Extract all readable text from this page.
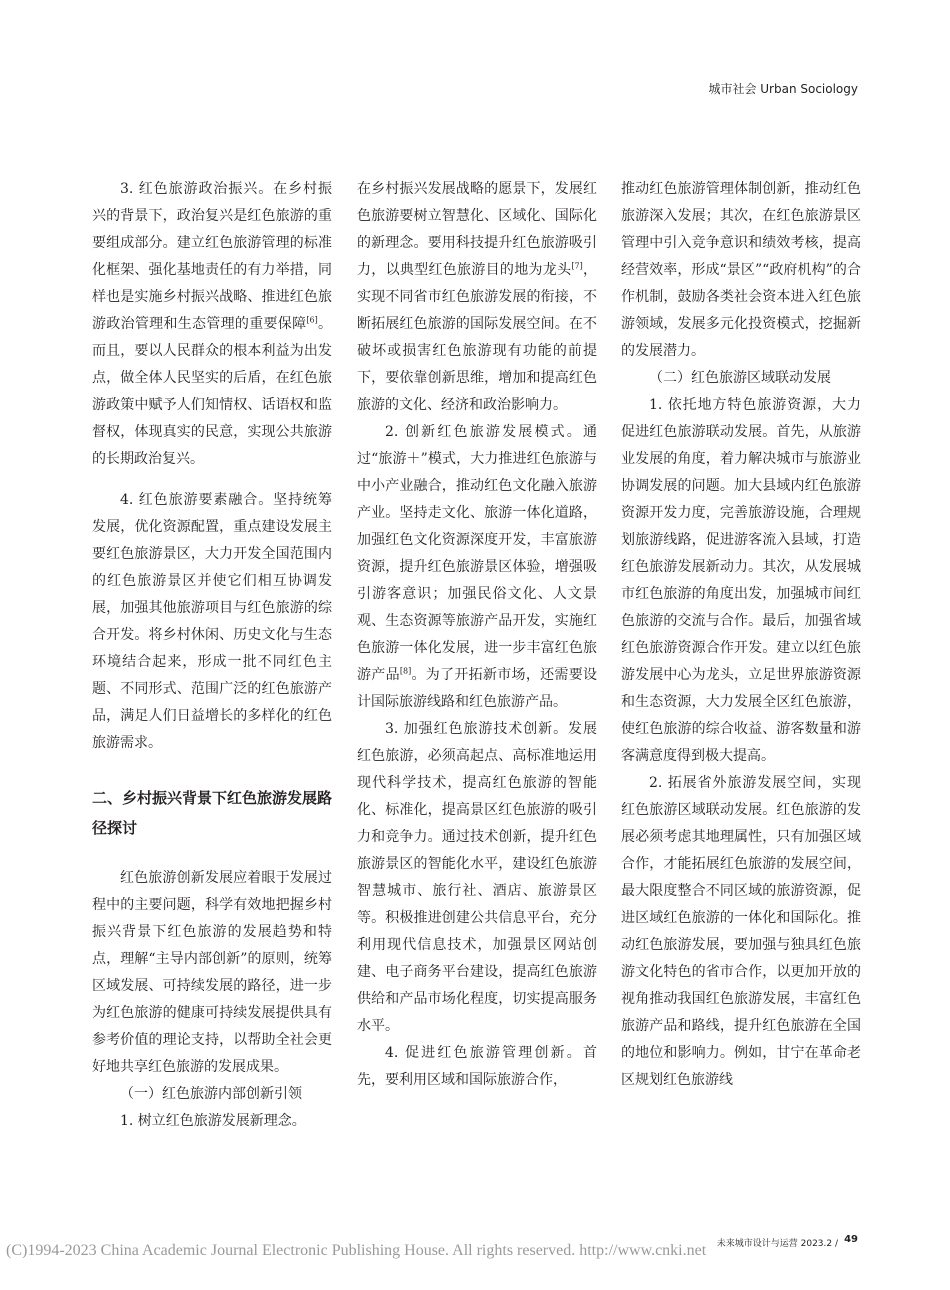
城市社会 Urban Sociology

3. 红色旅游政治振兴。在乡村振兴的背景下，政治复兴是红色旅游的重要组成部分。建立红色旅游管理的标准化框架、强化基地责任的有力举措，同样也是实施乡村振兴战略、推进红色旅游政治管理和生态管理的重要保障[6]。而且，要以人民群众的根本利益为出发点，做全体人民坚实的后盾，在红色旅游政策中赋予人们知情权、话语权和监督权，体现真实的民意，实现公共旅游的长期政治复兴。

4. 红色旅游要素融合。坚持统筹发展，优化资源配置，重点建设发展主要红色旅游景区，大力开发全国范围内的红色旅游景区并使它们相互协调发展，加强其他旅游项目与红色旅游的综合开发。将乡村休闲、历史文化与生态环境结合起来，形成一批不同红色主题、不同形式、范围广泛的红色旅游产品，满足人们日益增长的多样化的红色旅游需求。

二、乡村振兴背景下红色旅游发展路径探讨

红色旅游创新发展应着眼于发展过程中的主要问题，科学有效地把握乡村振兴背景下红色旅游的发展趋势和特点，理解“主导内部创新”的原则，统筹区域发展、可持续发展的路径，进一步为红色旅游的健康可持续发展提供具有参考价值的理论支持，以帮助全社会更好地共享红色旅游的发展成果。

（一）红色旅游内部创新引领

1. 树立红色旅游发展新理念。

在乡村振兴发展战略的愿景下，发展红色旅游要树立智慧化、区域化、国际化的新理念。要用科技提升红色旅游吸引力，以典型红色旅游目的地为龙头[7]，实现不同省市红色旅游发展的衔接，不断拓展红色旅游的国际发展空间。在不破坏或损害红色旅游现有功能的前提下，要依靠创新思维，增加和提高红色旅游的文化、经济和政治影响力。

2. 创新红色旅游发展模式。通过“旅游＋”模式，大力推进红色旅游与中小产业融合，推动红色文化融入旅游产业。坚持走文化、旅游一体化道路，加强红色文化资源深度开发，丰富旅游资源，提升红色旅游景区体验，增强吸引游客意识；加强民俗文化、人文景观、生态资源等旅游产品开发，实施红色旅游一体化发展，进一步丰富红色旅游产品[8]。为了开拓新市场，还需要设计国际旅游线路和红色旅游产品。

3. 加强红色旅游技术创新。发展红色旅游，必须高起点、高标准地运用现代科学技术，提高红色旅游的智能化、标准化，提高景区红色旅游的吸引力和竞争力。通过技术创新，提升红色旅游景区的智能化水平，建设红色旅游智慧城市、旅行社、酒店、旅游景区等。积极推进创建公共信息平台，充分利用现代信息技术，加强景区网站创建、电子商务平台建设，提高红色旅游供给和产品市场化程度，切实提高服务水平。

4. 促进红色旅游管理创新。首先，要利用区域和国际旅游合作，

推动红色旅游管理体制创新，推动红色旅游深入发展；其次，在红色旅游景区管理中引入竞争意识和绩效考核，提高经营效率，形成“景区”“政府机构”的合作机制，鼓励各类社会资本进入红色旅游领域，发展多元化投资模式，挖掘新的发展潜力。

（二）红色旅游区域联动发展

1. 依托地方特色旅游资源，大力促进红色旅游联动发展。首先，从旅游业发展的角度，着力解决城市与旅游业协调发展的问题。加大县域内红色旅游资源开发力度，完善旅游设施，合理规划旅游线路，促进游客流入县域，打造红色旅游发展新动力。其次，从发展城市红色旅游的角度出发，加强城市间红色旅游的交流与合作。最后，加强省域红色旅游资源合作开发。建立以红色旅游发展中心为龙头，立足世界旅游资源和生态资源，大力发展全区红色旅游，使红色旅游的综合收益、游客数量和游客满意度得到极大提高。

2. 拓展省外旅游发展空间，实现红色旅游区域联动发展。红色旅游的发展必须考虑其地理属性，只有加强区域合作，才能拓展红色旅游的发展空间，最大限度整合不同区域的旅游资源，促进区域红色旅游的一体化和国际化。推动红色旅游发展，要加强与独具红色旅游文化特色的省市合作，以更加开放的视角推动我国红色旅游发展，丰富红色旅游产品和路线，提升红色旅游在全国的地位和影响力。例如，甘宁在革命老区规划红色旅游线

未来城市设计与运营 2023.2 / 49
(C)1994-2023 China Academic Journal Electronic Publishing House. All rights reserved. http://www.cnki.net
